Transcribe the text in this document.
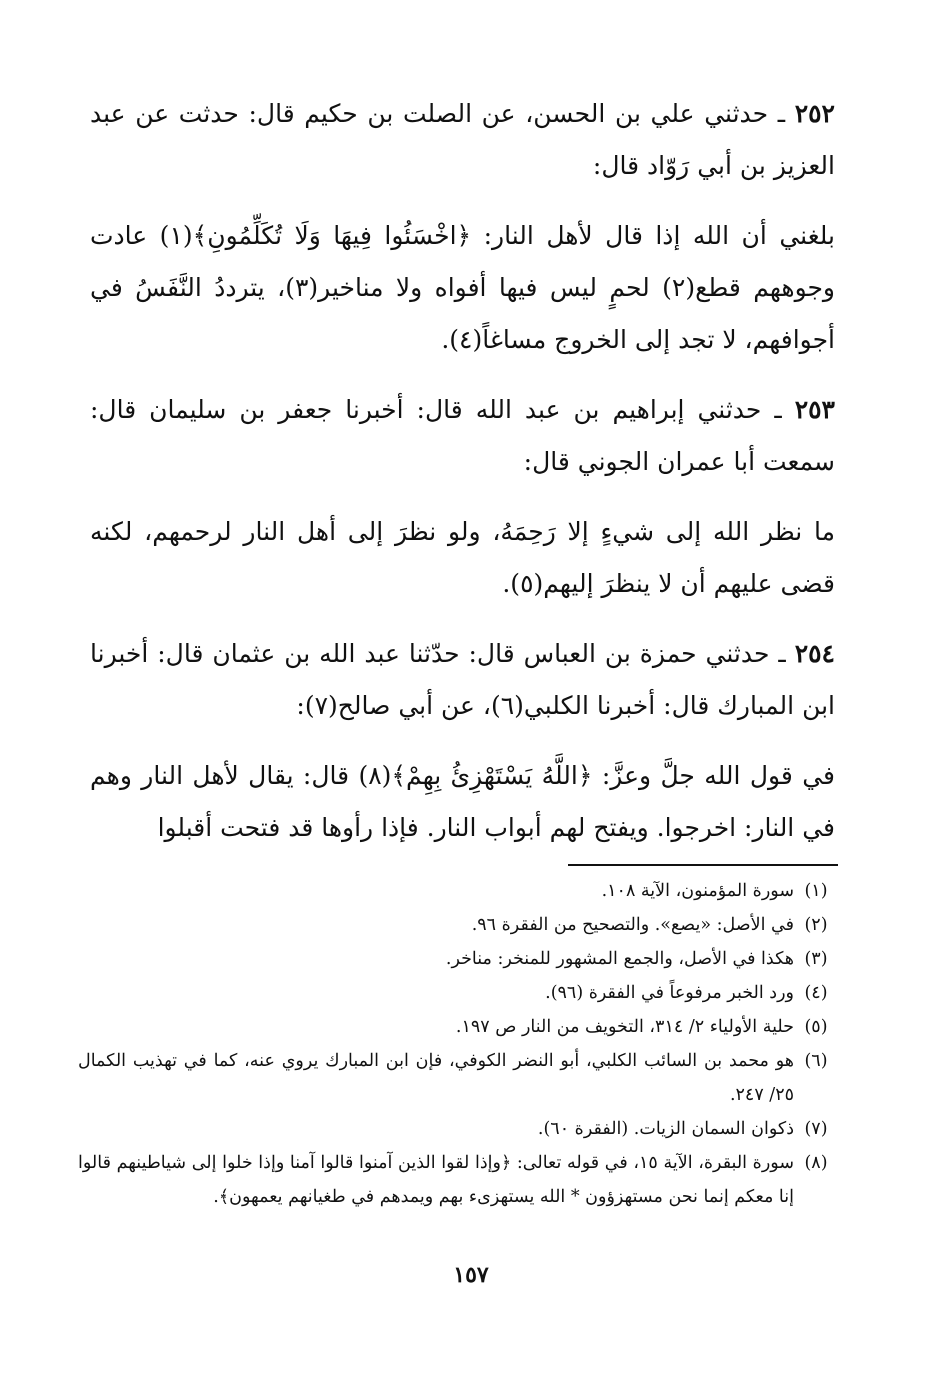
٢٥٢ ـ حدثني علي بن الحسن، عن الصلت بن حكيم قال: حدثت عن عبد العزيز بن أبي رَوّاد قال:

بلغني أن الله إذا قال لأهل النار: ﴿اخْسَئُوا فِيهَا وَلَا تُكَلِّمُونِ﴾(١) عادت وجوههم قطع(٢) لحمٍ ليس فيها أفواه ولا مناخير(٣)، يترددُ النَّفَسُ في أجوافهم، لا تجد إلى الخروج مساغاً(٤).

٢٥٣ ـ حدثني إبراهيم بن عبد الله قال: أخبرنا جعفر بن سليمان قال: سمعت أبا عمران الجوني قال:

ما نظر الله إلى شيءٍ إلا رَحِمَهُ، ولو نظرَ إلى أهل النار لرحمهم، لكنه قضى عليهم أن لا ينظرَ إليهم(٥).

٢٥٤ ـ حدثني حمزة بن العباس قال: حدّثنا عبد الله بن عثمان قال: أخبرنا ابن المبارك قال: أخبرنا الكلبي(٦)، عن أبي صالح(٧):

في قول الله جلَّ وعزَّ: ﴿اللَّهُ يَسْتَهْزِئُ بِهِمْ﴾(٨) قال: يقال لأهل النار وهم في النار: اخرجوا. ويفتح لهم أبواب النار. فإذا رأوها قد فتحت أقبلوا

(١)
سورة المؤمنون، الآية ١٠٨.
(٢)
في الأصل: «يصع». والتصحيح من الفقرة ٩٦.
(٣)
هكذا في الأصل، والجمع المشهور للمنخر: مناخر.
(٤)
ورد الخبر مرفوعاً في الفقرة (٩٦).
(٥)
حلية الأولياء ٢/ ٣١٤، التخويف من النار ص ١٩٧.
(٦)
هو محمد بن السائب الكلبي، أبو النضر الكوفي، فإن ابن المبارك يروي عنه، كما في تهذيب الكمال ٢٥/ ٢٤٧.
(٧)
ذكوان السمان الزيات. (الفقرة ٦٠).
(٨)
سورة البقرة، الآية ١٥، في قوله تعالى: ﴿وإذا لقوا الذين آمنوا قالوا آمنا وإذا خلوا إلى شياطينهم قالوا إنا معكم إنما نحن مستهزؤون * الله يستهزىء بهم ويمدهم في طغيانهم يعمهون﴾.
١٥٧
